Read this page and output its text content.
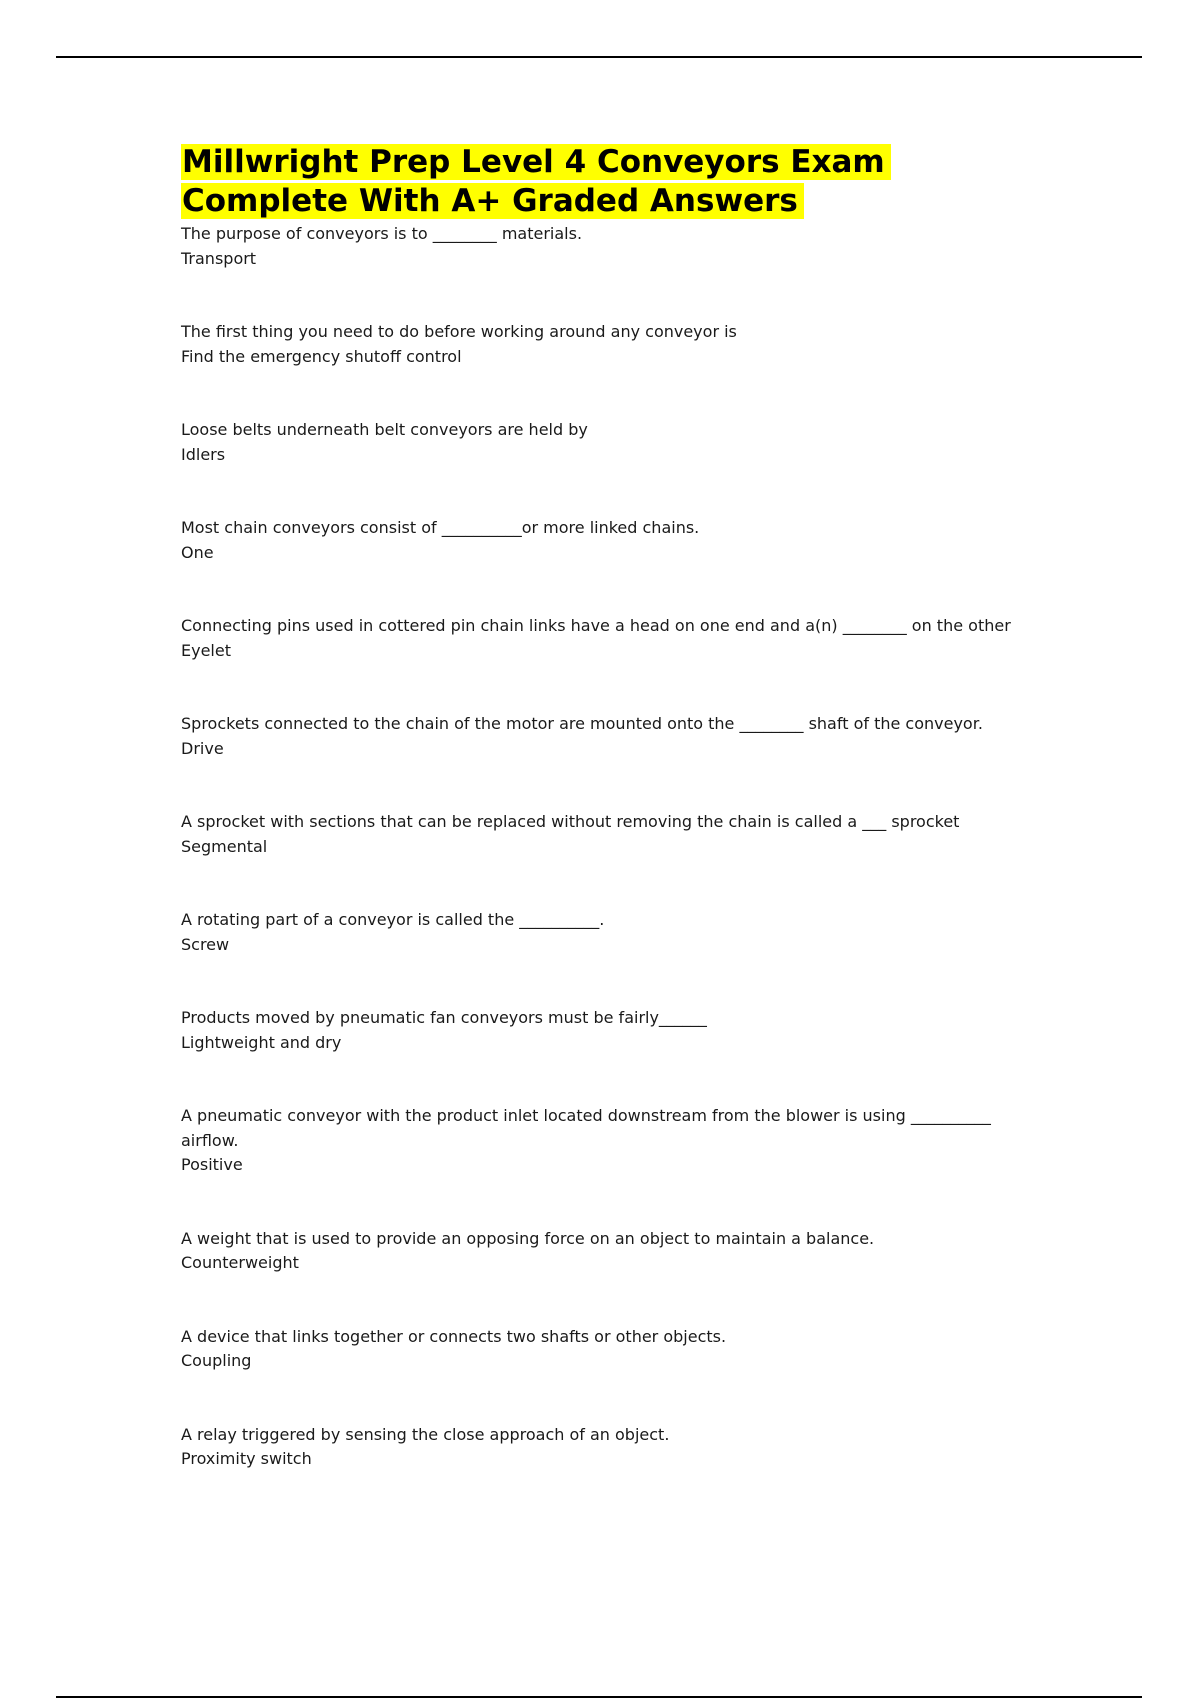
Millwright Prep Level 4 Conveyors Exam
Complete With A+ Graded Answers

The purpose of conveyors is to ________ materials.
Transport

The first thing you need to do before working around any conveyor is
Find the emergency shutoff control

Loose belts underneath belt conveyors are held by
Idlers

Most chain conveyors consist of __________or more linked chains.
One

Connecting pins used in cottered pin chain links have a head on one end and a(n) ________ on the other
Eyelet

Sprockets connected to the chain of the motor are mounted onto the ________ shaft of the conveyor.
Drive

A sprocket with sections that can be replaced without removing the chain is called a ___ sprocket
Segmental

A rotating part of a conveyor is called the __________.
Screw

Products moved by pneumatic fan conveyors must be fairly______
Lightweight and dry

A pneumatic conveyor with the product inlet located downstream from the blower is using __________ airflow.
Positive

A weight that is used to provide an opposing force on an object to maintain a balance.
Counterweight

A device that links together or connects two shafts or other objects.
Coupling

A relay triggered by sensing the close approach of an object.
Proximity switch
